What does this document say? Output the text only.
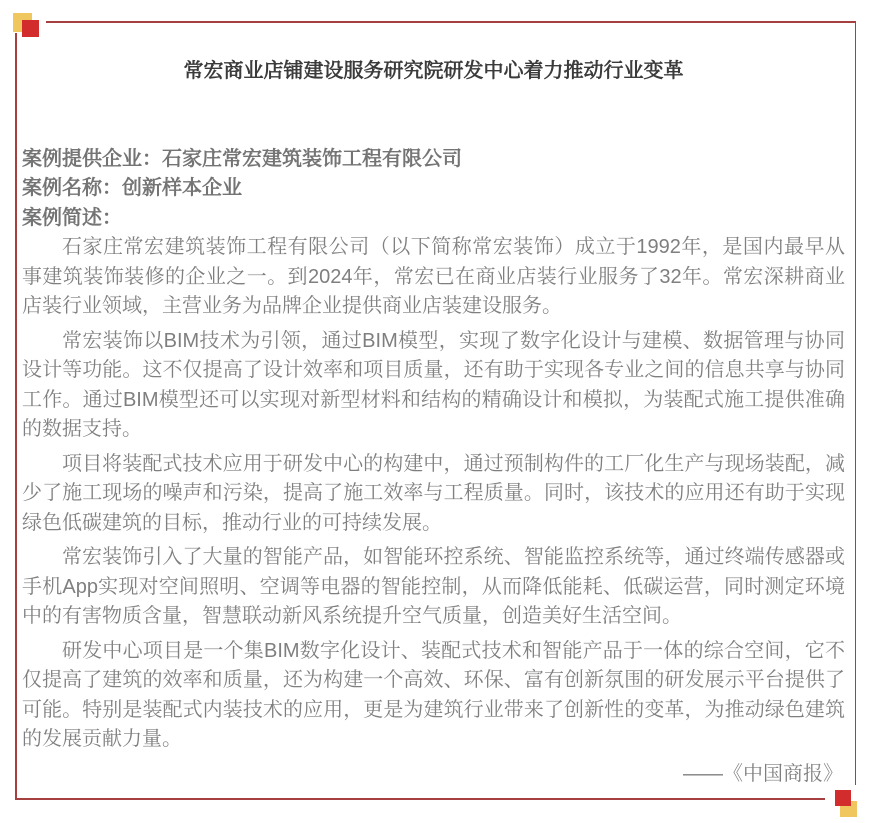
常宏商业店铺建设服务研究院研发中心着力推动行业变革
案例提供企业：石家庄常宏建筑装饰工程有限公司
案例名称：创新样本企业
案例简述：

石家庄常宏建筑装饰工程有限公司（以下简称常宏装饰）成立于1992年，是国内最早从事建筑装饰装修的企业之一。到2024年，常宏已在商业店装行业服务了32年。常宏深耕商业店装行业领域，主营业务为品牌企业提供商业店装建设服务。

常宏装饰以BIM技术为引领，通过BIM模型，实现了数字化设计与建模、数据管理与协同设计等功能。这不仅提高了设计效率和项目质量，还有助于实现各专业之间的信息共享与协同工作。通过BIM模型还可以实现对新型材料和结构的精确设计和模拟，为装配式施工提供准确的数据支持。

项目将装配式技术应用于研发中心的构建中，通过预制构件的工厂化生产与现场装配，减少了施工现场的噪声和污染，提高了施工效率与工程质量。同时，该技术的应用还有助于实现绿色低碳建筑的目标，推动行业的可持续发展。

常宏装饰引入了大量的智能产品，如智能环控系统、智能监控系统等，通过终端传感器或手机App实现对空间照明、空调等电器的智能控制，从而降低能耗、低碳运营，同时测定环境中的有害物质含量，智慧联动新风系统提升空气质量，创造美好生活空间。

研发中心项目是一个集BIM数字化设计、装配式技术和智能产品于一体的综合空间，它不仅提高了建筑的效率和质量，还为构建一个高效、环保、富有创新氛围的研发展示平台提供了可能。特别是装配式内装技术的应用，更是为建筑行业带来了创新性的变革，为推动绿色建筑的发展贡献力量。

——《中国商报》
